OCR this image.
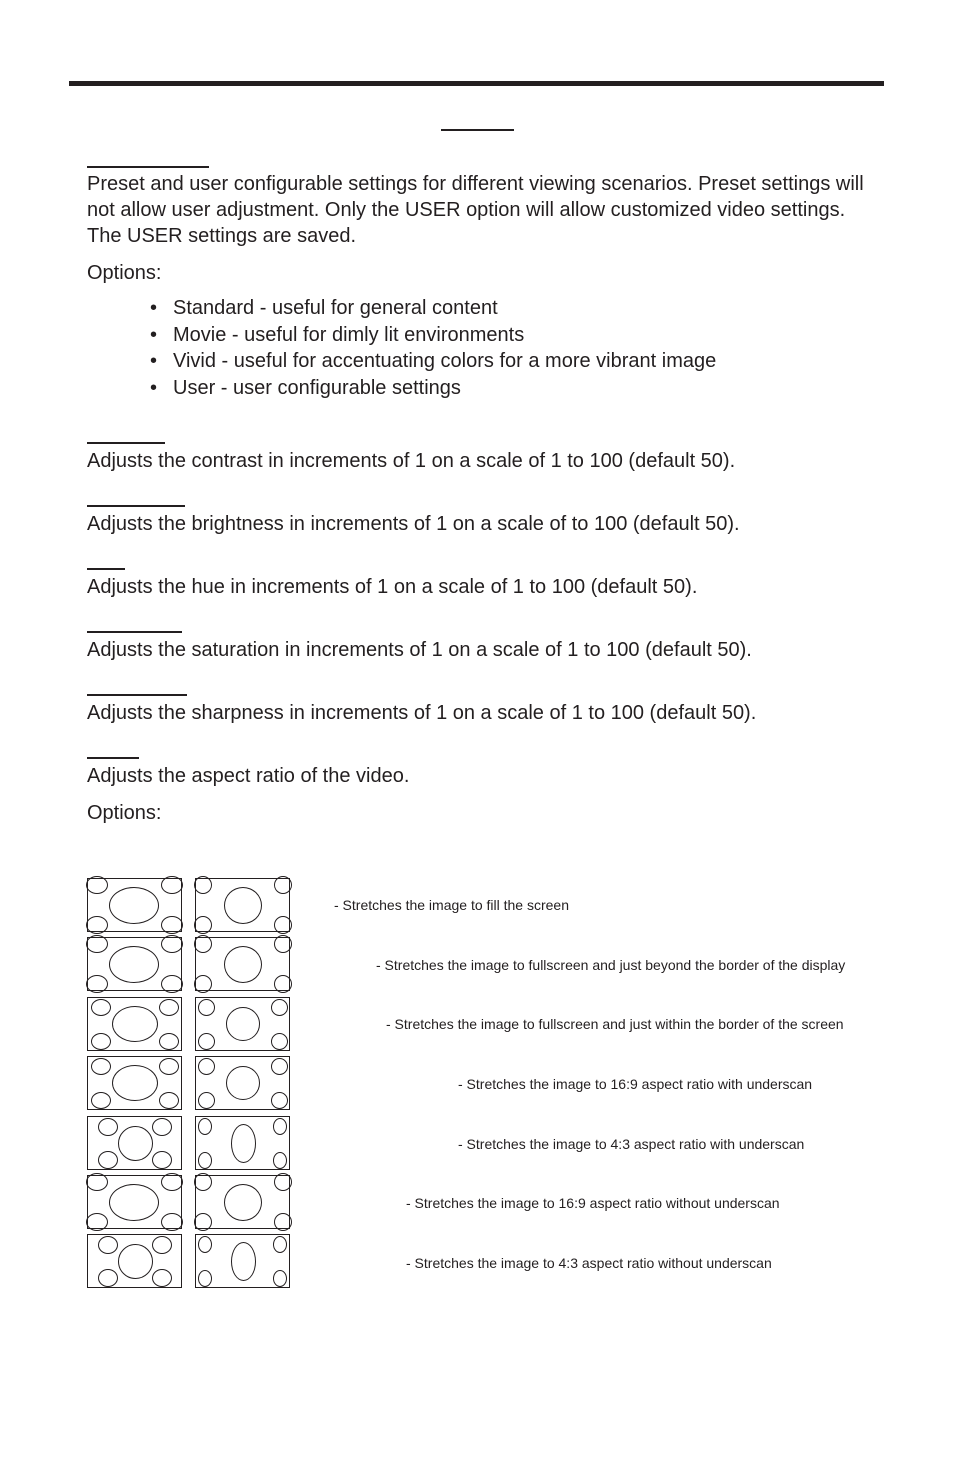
Preset and user configurable settings for different viewing scenarios. Preset settings will not allow user adjustment. Only the USER option will allow customized video settings. The USER settings are saved.

Options:

• Standard - useful for general content
• Movie - useful for dimly lit environments
• Vivid - useful for accentuating colors for a more vibrant image
• User - user configurable settings

Adjusts the contrast in increments of 1 on a scale of 1 to 100 (default 50).

Adjusts the brightness in increments of 1 on a scale of to 100 (default 50).

Adjusts the hue in increments of 1 on a scale of 1 to 100 (default 50).

Adjusts the saturation in increments of 1 on a scale of 1 to 100 (default 50).

Adjusts the sharpness in increments of 1 on a scale of 1 to 100 (default 50).

Adjusts the aspect ratio of the video.

Options:

- Stretches the image to fill the screen
- Stretches the image to fullscreen and just beyond the border of the display
- Stretches the image to fullscreen and just within the border of the screen
- Stretches the image to 16:9 aspect ratio with underscan
- Stretches the image to 4:3 aspect ratio with underscan
- Stretches the image to 16:9 aspect ratio without underscan
- Stretches the image to 4:3 aspect ratio without underscan
